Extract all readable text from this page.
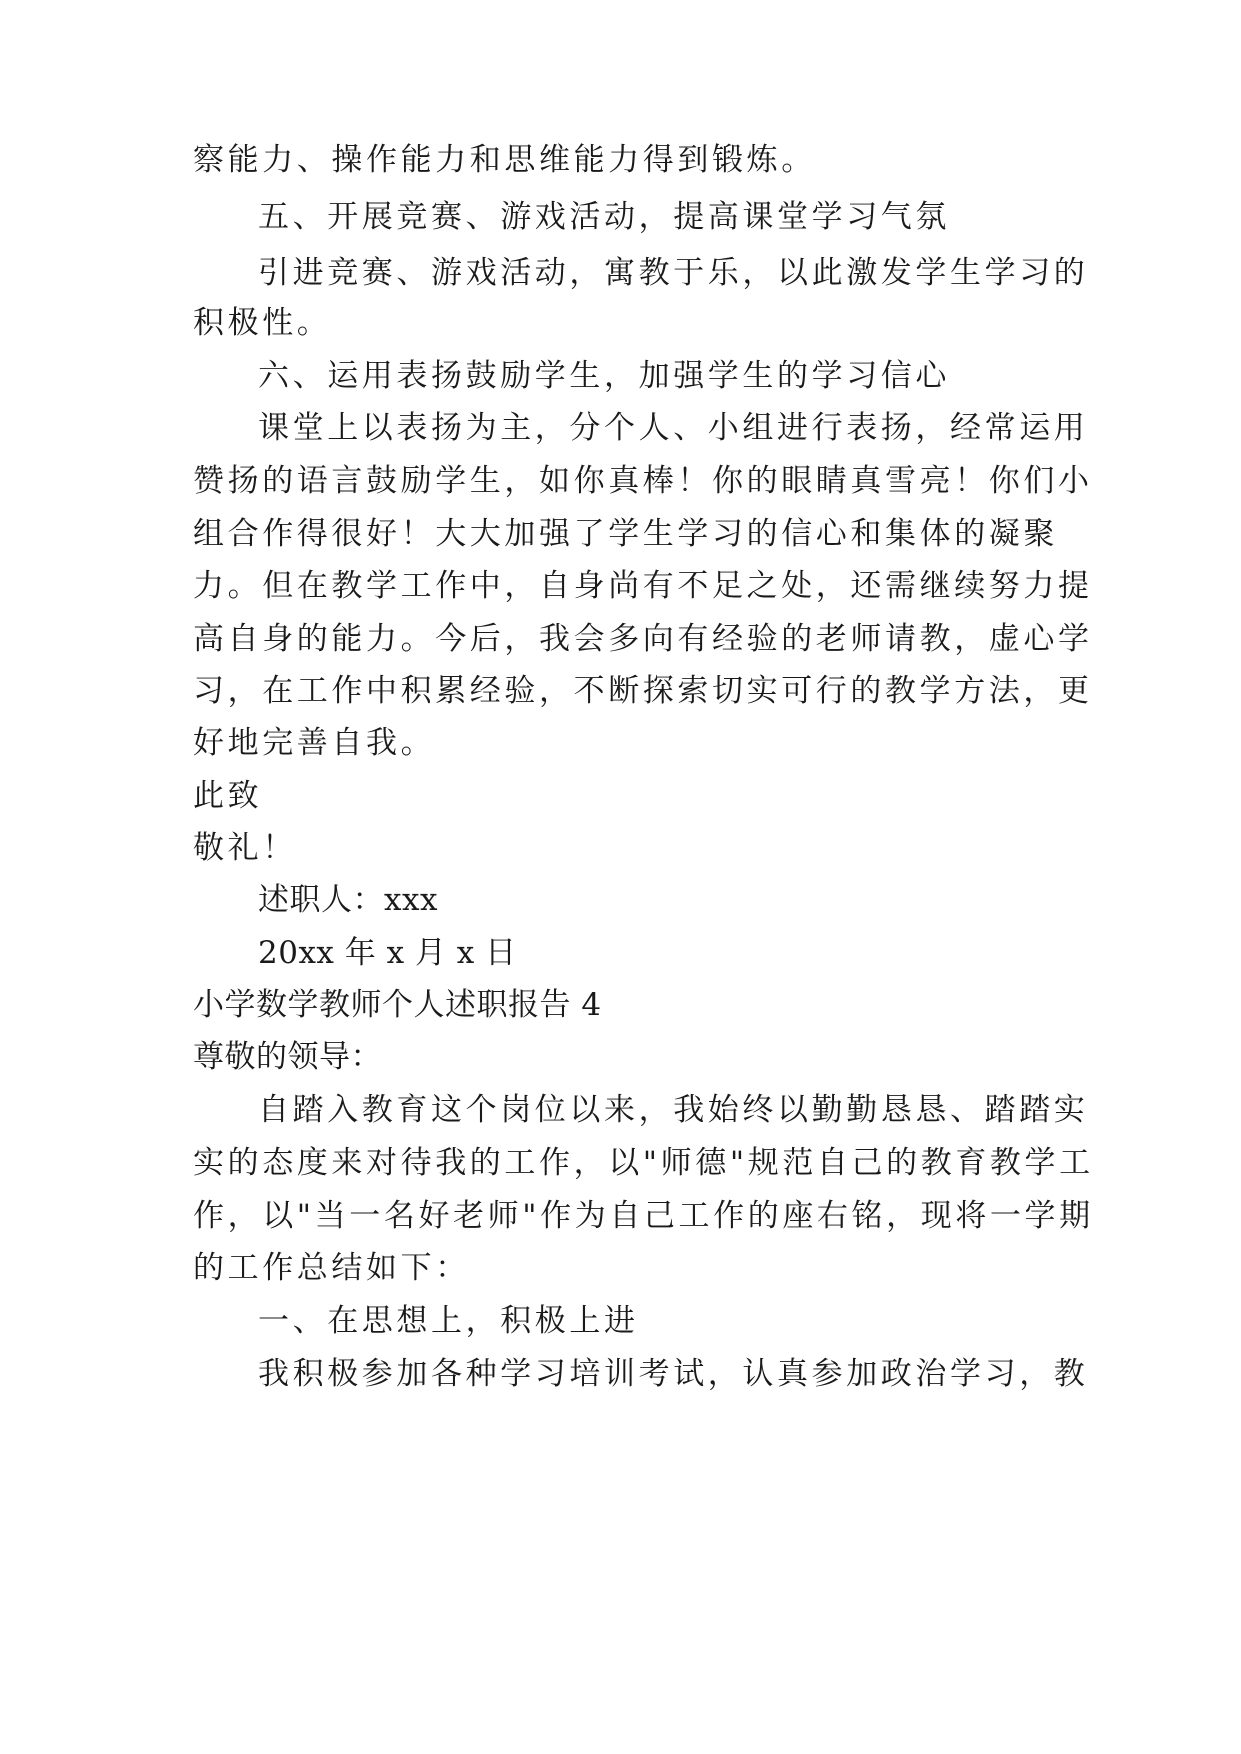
察能力、操作能力和思维能力得到锻炼。
五、开展竞赛、游戏活动，提高课堂学习气氛
引进竞赛、游戏活动，寓教于乐，以此激发学生学习的
积极性。
六、运用表扬鼓励学生，加强学生的学习信心
课堂上以表扬为主，分个人、小组进行表扬，经常运用
赞扬的语言鼓励学生，如你真棒！你的眼睛真雪亮！你们小
组合作得很好！大大加强了学生学习的信心和集体的凝聚
力。但在教学工作中，自身尚有不足之处，还需继续努力提
高自身的能力。今后，我会多向有经验的老师请教，虚心学
习，在工作中积累经验，不断探索切实可行的教学方法，更
好地完善自我。
此致
敬礼！
述职人：xxx
20xx 年 x 月 x 日
小学数学教师个人述职报告 4
尊敬的领导：
自踏入教育这个岗位以来，我始终以勤勤恳恳、踏踏实
实的态度来对待我的工作，以"师德"规范自己的教育教学工
作，以"当一名好老师"作为自己工作的座右铭，现将一学期
的工作总结如下：
一、在思想上，积极上进
我积极参加各种学习培训考试，认真参加政治学习，教
